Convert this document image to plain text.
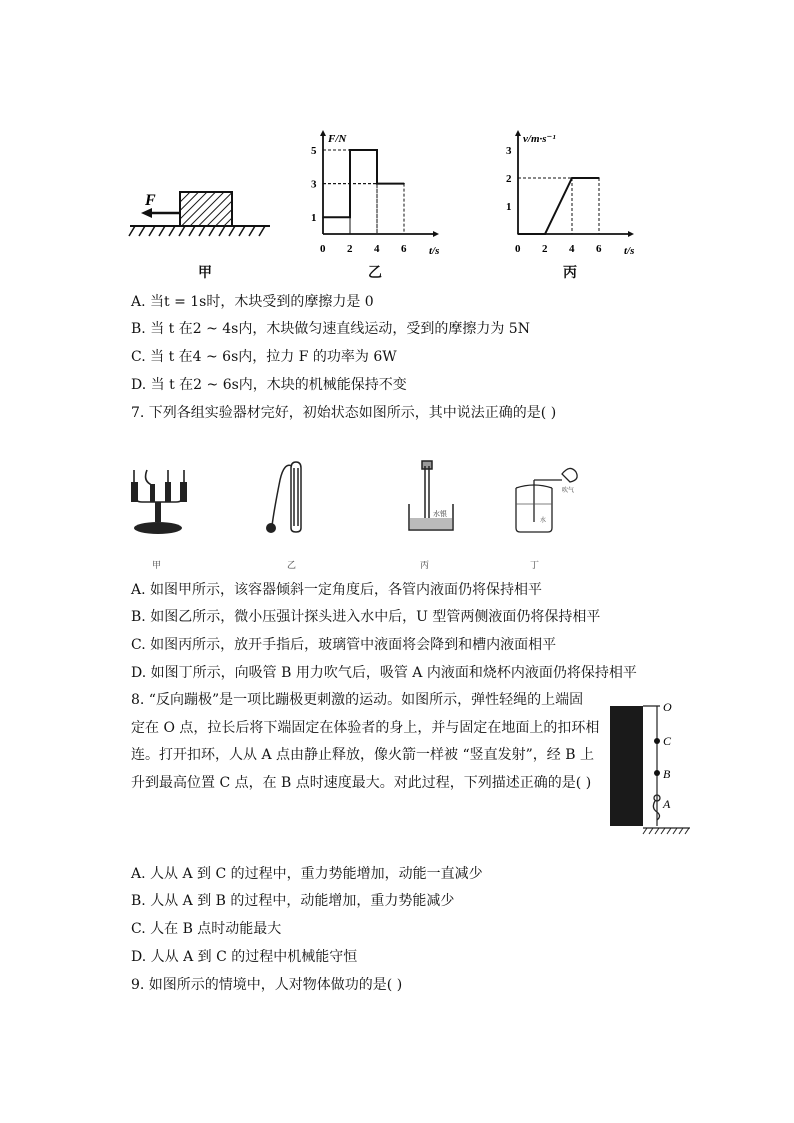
F
F/N
t/s
0 2 4 6
1
3
5
v/m·s⁻¹
t/s
0 2 4 6
1
2
3
甲	乙	丙
A. 当t = 1s时，木块受到的摩擦力是 0
B. 当 t 在2 ~ 4s内，木块做匀速直线运动，受到的摩擦力为 5N
C. 当 t 在4 ~ 6s内，拉力 F 的功率为 6W
D. 当 t 在2 ~ 6s内，木块的机械能保持不变
7. 下列各组实验器材完好，初始状态如图所示，其中说法正确的是( )
水银
吹气
水
甲	乙	丙	丁
A. 如图甲所示，该容器倾斜一定角度后，各管内液面仍将保持相平
B. 如图乙所示，微小压强计探头进入水中后，U 型管两侧液面仍将保持相平
C. 如图丙所示，放开手指后，玻璃管中液面将会降到和槽内液面相平
D. 如图丁所示，向吸管 B 用力吹气后，吸管 A 内液面和烧杯内液面仍将保持相平
8. “反向蹦极”是一项比蹦极更刺激的运动。如图所示，弹性轻绳的上端固
定在 O 点，拉长后将下端固定在体验者的身上，并与固定在地面上的扣环相
连。打开扣环，人从 A 点由静止释放，像火箭一样被 “竖直发射”，经 B 上
升到最高位置 C 点，在 B 点时速度最大。对此过程，下列描述正确的是( )
O
C
B
A
A. 人从 A 到 C 的过程中，重力势能增加，动能一直减少
B. 人从 A 到 B 的过程中，动能增加，重力势能减少
C. 人在 B 点时动能最大
D. 人从 A 到 C 的过程中机械能守恒
9. 如图所示的情境中，人对物体做功的是( )
